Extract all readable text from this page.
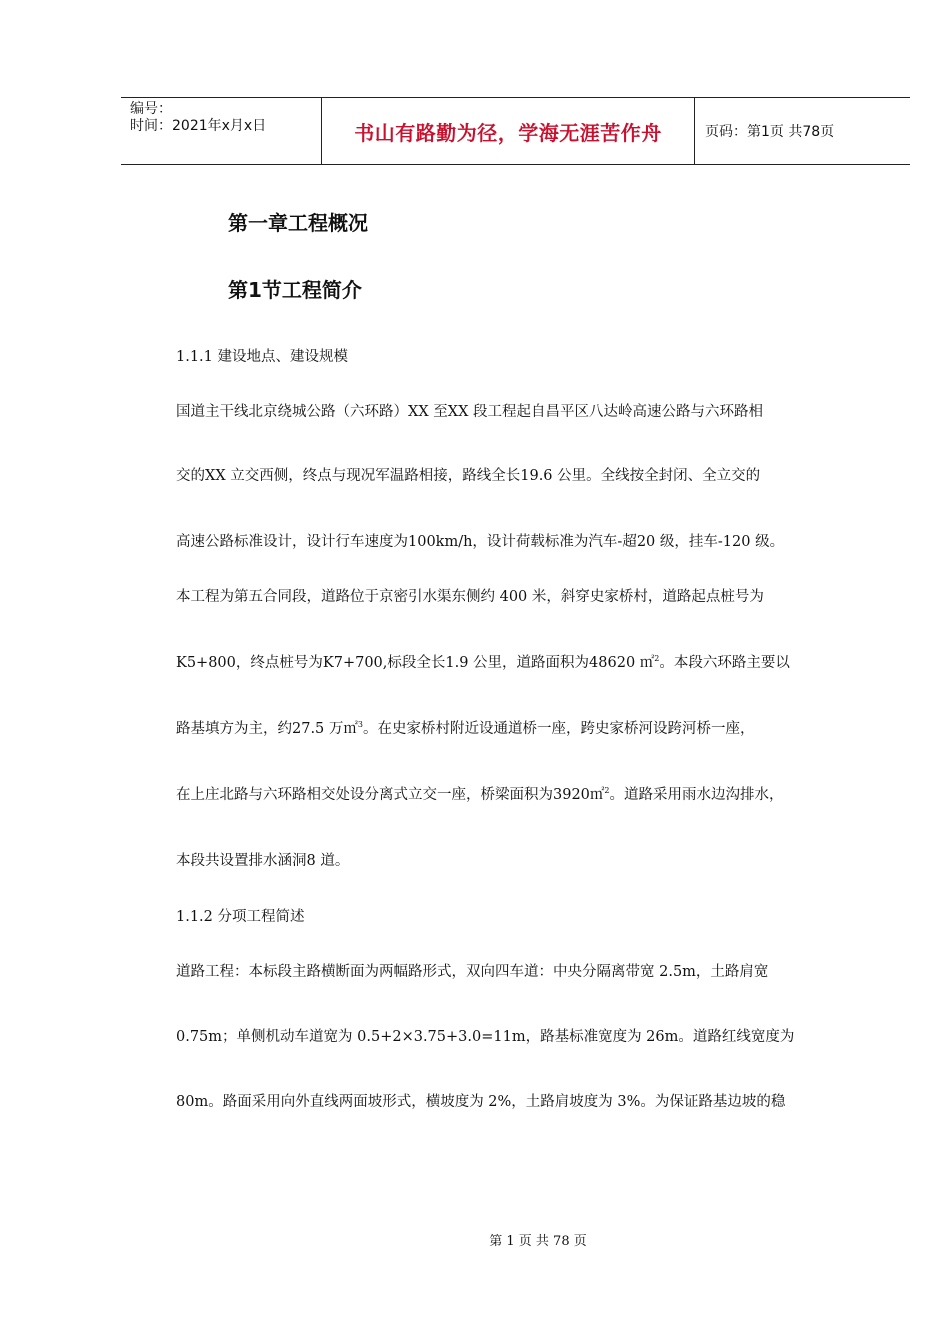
编号：
时间：2021年x月x日	书山有路勤为径，学海无涯苦作舟	页码：第1页 共78页
第一章工程概况
第1节工程简介

1.1.1 建设地点、建设规模

国道主干线北京绕城公路（六环路）XX 至XX 段工程起自昌平区八达岭高速公路与六环路相

交的XX 立交西侧，终点与现况军温路相接，路线全长19.6 公里。全线按全封闭、全立交的

高速公路标准设计，设计行车速度为100km/h，设计荷载标准为汽车-超20 级，挂车-120 级。

本工程为第五合同段，道路位于京密引水渠东侧约 400 米，斜穿史家桥村，道路起点桩号为

K5+800，终点桩号为K7+700,标段全长1.9 公里，道路面积为48620 ㎡$^2$。本段六环路主要以

路基填方为主，约27.5 万㎡$^3$。在史家桥村附近设通道桥一座，跨史家桥河设跨河桥一座，

在上庄北路与六环路相交处设分离式立交一座，桥梁面积为3920㎡$^2$。道路采用雨水边沟排水，

本段共设置排水涵洞8 道。

1.1.2 分项工程简述

道路工程：本标段主路横断面为两幅路形式，双向四车道：中央分隔离带宽 2.5m，土路肩宽

0.75m；单侧机动车道宽为 0.5+2×3.75+3.0=11m，路基标准宽度为 26m。道路红线宽度为

80m。路面采用向外直线两面坡形式，横坡度为 2%，土路肩坡度为 3%。为保证路基边坡的稳

第 1 页 共 78 页
